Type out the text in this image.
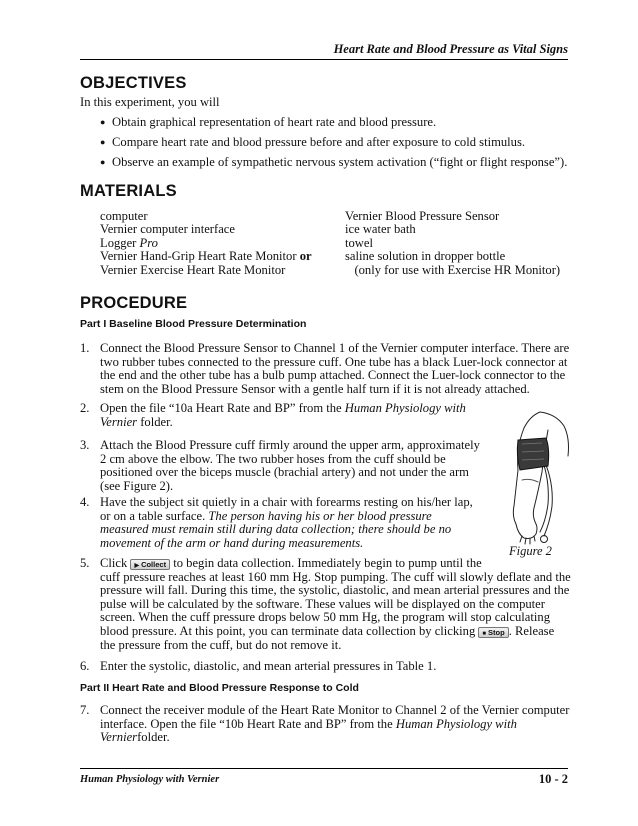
Heart Rate and Blood Pressure as Vital Signs
OBJECTIVES
In this experiment, you will
● Obtain graphical representation of heart rate and blood pressure.
● Compare heart rate and blood pressure before and after exposure to cold stimulus.
● Observe an example of sympathetic nervous system activation (“fight or flight response”).
MATERIALS
computer
Vernier computer interface
Logger Pro
Vernier Hand-Grip Heart Rate Monitor or
Vernier Exercise Heart Rate Monitor
Vernier Blood Pressure Sensor
ice water bath
towel
saline solution in dropper bottle
(only for use with Exercise HR Monitor)
PROCEDURE
Part I Baseline Blood Pressure Determination
1. Connect the Blood Pressure Sensor to Channel 1 of the Vernier computer interface. There are
two rubber tubes connected to the pressure cuff. One tube has a black Luer-lock connector at
the end and the other tube has a bulb pump attached. Connect the Luer-lock connector to the
stem on the Blood Pressure Sensor with a gentle half turn if it is not already attached.
2. Open the file “10a Heart Rate and BP” from the Human Physiology with
Vernier folder.
3. Attach the Blood Pressure cuff firmly around the upper arm, approximately
2 cm above the elbow. The two rubber hoses from the cuff should be
positioned over the biceps muscle (brachial artery) and not under the arm
(see Figure 2).
4. Have the subject sit quietly in a chair with forearms resting on his/her lap,
or on a table surface. The person having his or her blood pressure
measured must remain still during data collection; there should be no
movement of the arm or hand during measurements.
5. Click ▶ Collect to begin data collection. Immediately begin to pump until the
cuff pressure reaches at least 160 mm Hg. Stop pumping. The cuff will slowly deflate and the
pressure will fall. During this time, the systolic, diastolic, and mean arterial pressures and the
pulse will be calculated by the software. These values will be displayed on the computer
screen. When the cuff pressure drops below 50 mm Hg, the program will stop calculating
blood pressure. At this point, you can terminate data collection by clicking ■ Stop . Release
the pressure from the cuff, but do not remove it.
6. Enter the systolic, diastolic, and mean arterial pressures in Table 1.
Part II Heart Rate and Blood Pressure Response to Cold
7. Connect the receiver module of the Heart Rate Monitor to Channel 2 of the Vernier computer
interface. Open the file “10b Heart Rate and BP” from the Human Physiology with
Vernierfolder.
Figure 2
Human Physiology with Vernier	10 - 2
